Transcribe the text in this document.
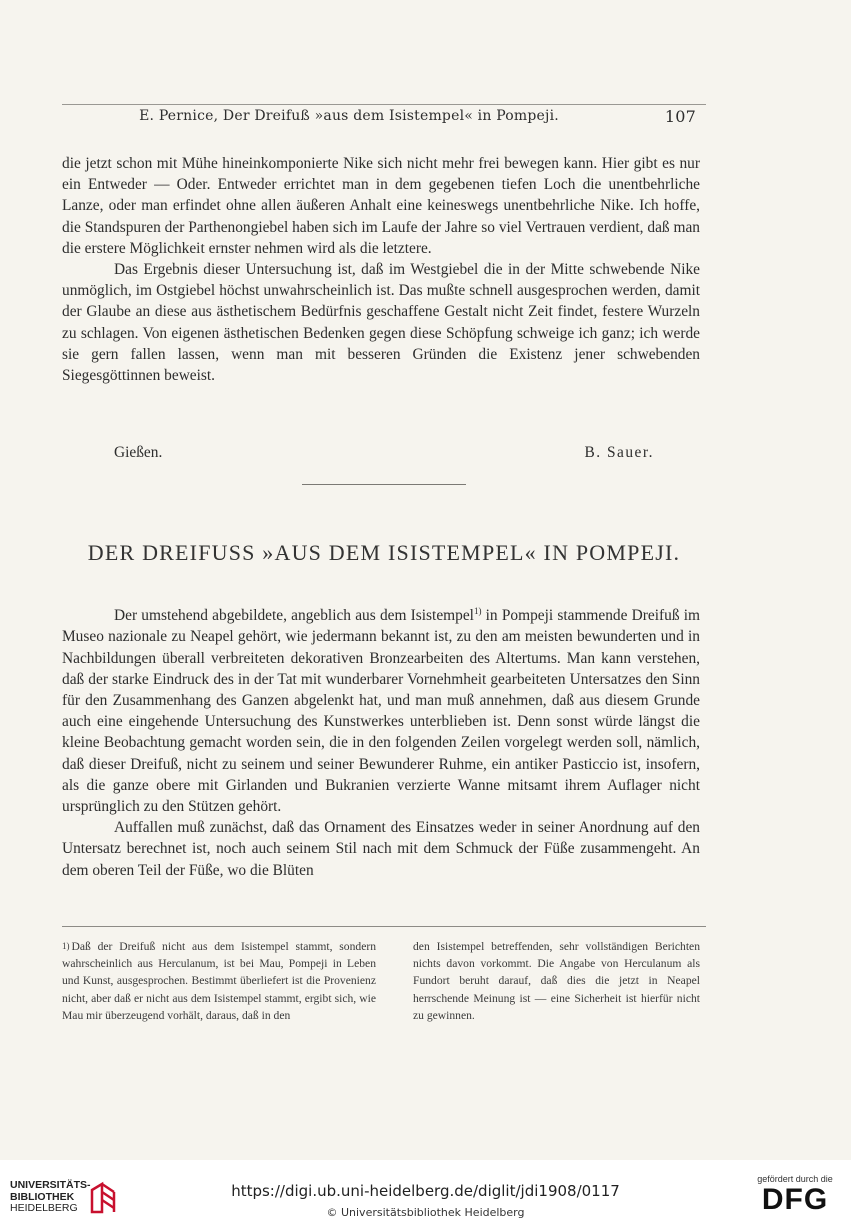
E. Pernice, Der Dreifuß »aus dem Isistempel« in Pompeji.	107

die jetzt schon mit Mühe hineinkomponierte Nike sich nicht mehr frei bewegen kann. Hier gibt es nur ein Entweder — Oder. Entweder errichtet man in dem gegebenen tiefen Loch die unentbehrliche Lanze, oder man erfindet ohne allen äußeren Anhalt eine keineswegs unentbehrliche Nike. Ich hoffe, die Standspuren der Parthenongiebel haben sich im Laufe der Jahre so viel Vertrauen verdient, daß man die erstere Möglichkeit ernster nehmen wird als die letztere.

Das Ergebnis dieser Untersuchung ist, daß im Westgiebel die in der Mitte schwebende Nike unmöglich, im Ostgiebel höchst unwahrscheinlich ist. Das mußte schnell ausgesprochen werden, damit der Glaube an diese aus ästhetischem Bedürfnis geschaffene Gestalt nicht Zeit findet, festere Wurzeln zu schlagen. Von eigenen ästhetischen Bedenken gegen diese Schöpfung schweige ich ganz; ich werde sie gern fallen lassen, wenn man mit besseren Gründen die Existenz jener schwebenden Siegesgöttinnen beweist.

Gießen.	B. Sauer.
DER DREIFUSS »AUS DEM ISISTEMPEL« IN POMPEJI.

Der umstehend abgebildete, angeblich aus dem Isistempel$^{1)}$ in Pompeji stammende Dreifuß im Museo nazionale zu Neapel gehört, wie jedermann bekannt ist, zu den am meisten bewunderten und in Nachbildungen überall verbreiteten dekorativen Bronzearbeiten des Altertums. Man kann verstehen, daß der starke Eindruck des in der Tat mit wunderbarer Vornehmheit gearbeiteten Untersatzes den Sinn für den Zusammenhang des Ganzen abgelenkt hat, und man muß annehmen, daß aus diesem Grunde auch eine eingehende Untersuchung des Kunstwerkes unterblieben ist. Denn sonst würde längst die kleine Beobachtung gemacht worden sein, die in den folgenden Zeilen vorgelegt werden soll, nämlich, daß dieser Dreifuß, nicht zu seinem und seiner Bewunderer Ruhme, ein antiker Pasticcio ist, insofern, als die ganze obere mit Girlanden und Bukranien verzierte Wanne mitsamt ihrem Auflager nicht ursprünglich zu den Stützen gehört.

Auffallen muß zunächst, daß das Ornament des Einsatzes weder in seiner Anordnung auf den Untersatz berechnet ist, noch auch seinem Stil nach mit dem Schmuck der Füße zusammengeht. An dem oberen Teil der Füße, wo die Blüten

$^{1)}$ Daß der Dreifuß nicht aus dem Isistempel stammt, sondern wahrscheinlich aus Herculanum, ist bei Mau, Pompeji in Leben und Kunst, ausgesprochen. Bestimmt überliefert ist die Provenienz nicht, aber daß er nicht aus dem Isistempel stammt, ergibt sich, wie Mau mir überzeugend vorhält, daraus, daß in den

den Isistempel betreffenden, sehr vollständigen Berichten nichts davon vorkommt. Die Angabe von Herculanum als Fundort beruht darauf, daß dies die jetzt in Neapel herrschende Meinung ist — eine Sicherheit ist hierfür nicht zu gewinnen.

UNIVERSITÄTS-
BIBLIOTHEK
HEIDELBERG
https://digi.ub.uni-heidelberg.de/diglit/jdi1908/0117
© Universitätsbibliothek Heidelberg
gefördert durch die
DFG
